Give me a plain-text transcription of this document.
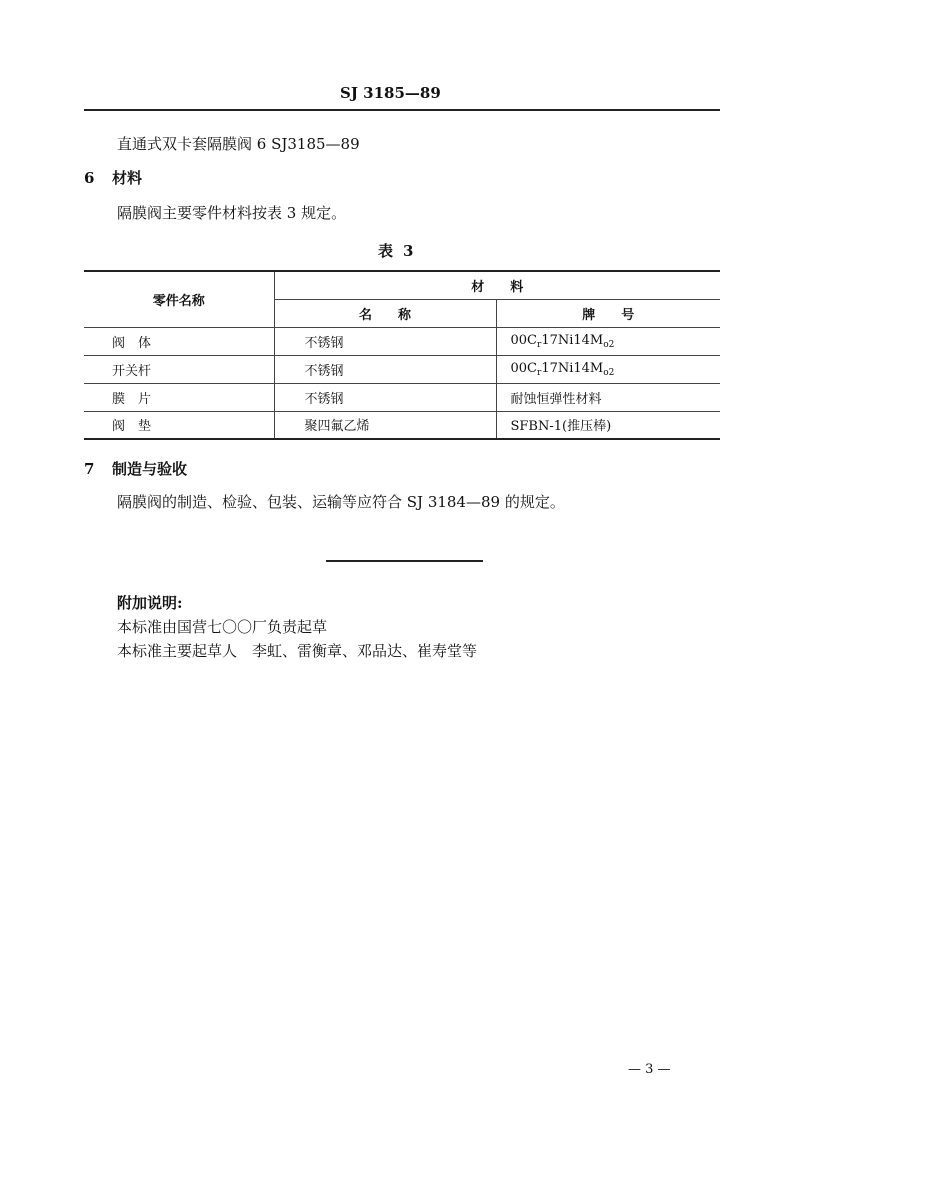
SJ 3185—89
直通式双卡套隔膜阀 6 SJ3185—89
6 材料
隔膜阀主要零件材料按表 3 规定。
表 3
零件名称	材　　料	
	名　　称	牌　　号
阀　体	不锈钢	$00C_r17Ni14M_{o2}$
开关杆	不锈钢	$00C_r17Ni14M_{o2}$
膜　片	不锈钢	耐蚀恒弹性材料
阀　垫	聚四氟乙烯	SFBN-1(推压棒)
7 制造与验收
隔膜阀的制造、检验、包装、运输等应符合 SJ 3184—89 的规定。
附加说明:
本标准由国营七〇〇厂负责起草
本标准主要起草人　李虹、雷衡章、邓品达、崔寿堂等
— 3 —
